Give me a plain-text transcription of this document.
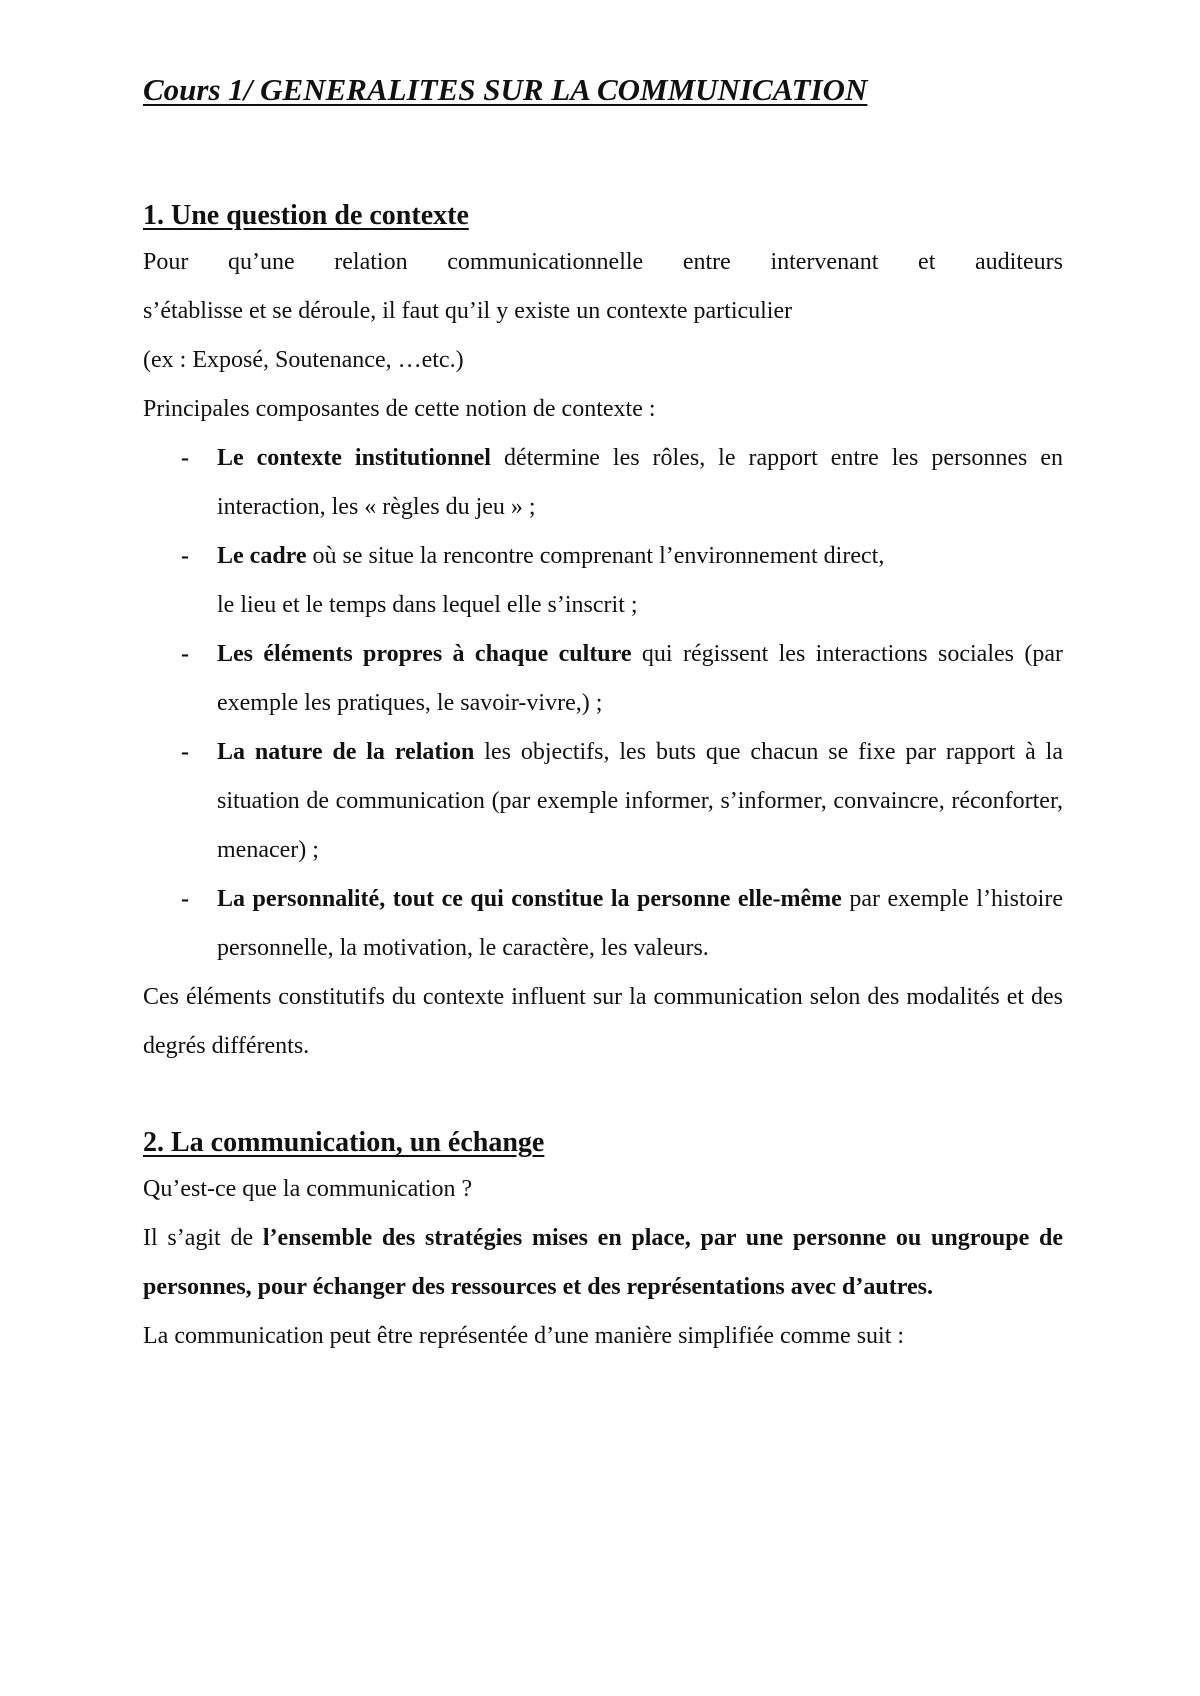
Cours 1/ GENERALITES SUR LA COMMUNICATION
1. Une question de contexte

Pour qu’une relation communicationnelle entre intervenant et auditeurs

s’établisse et se déroule, il faut qu’il y existe un contexte particulier

(ex : Exposé, Soutenance, …etc.)

Principales composantes de cette notion de contexte :

- Le contexte institutionnel détermine les rôles, le rapport entre les personnes en interaction, les « règles du jeu » ;
- Le cadre où se situe la rencontre comprenant l’environnement direct,
le lieu et le temps dans lequel elle s’inscrit ;
- Les éléments propres à chaque culture qui régissent les interactions sociales (par exemple les pratiques, le savoir-vivre,) ;
- La nature de la relation les objectifs, les buts que chacun se fixe par rapport à la situation de communication (par exemple informer, s’informer, convaincre, réconforter, menacer) ;
- La personnalité, tout ce qui constitue la personne elle-même par exemple l’histoire personnelle, la motivation, le caractère, les valeurs.

Ces éléments constitutifs du contexte influent sur la communication selon des modalités et des degrés différents.

2. La communication, un échange

Qu’est-ce que la communication ?

Il s’agit de l’ensemble des stratégies mises en place, par une personne ou ungroupe de personnes, pour échanger des ressources et des représentations avec d’autres.

La communication peut être représentée d’une manière simplifiée comme suit :
